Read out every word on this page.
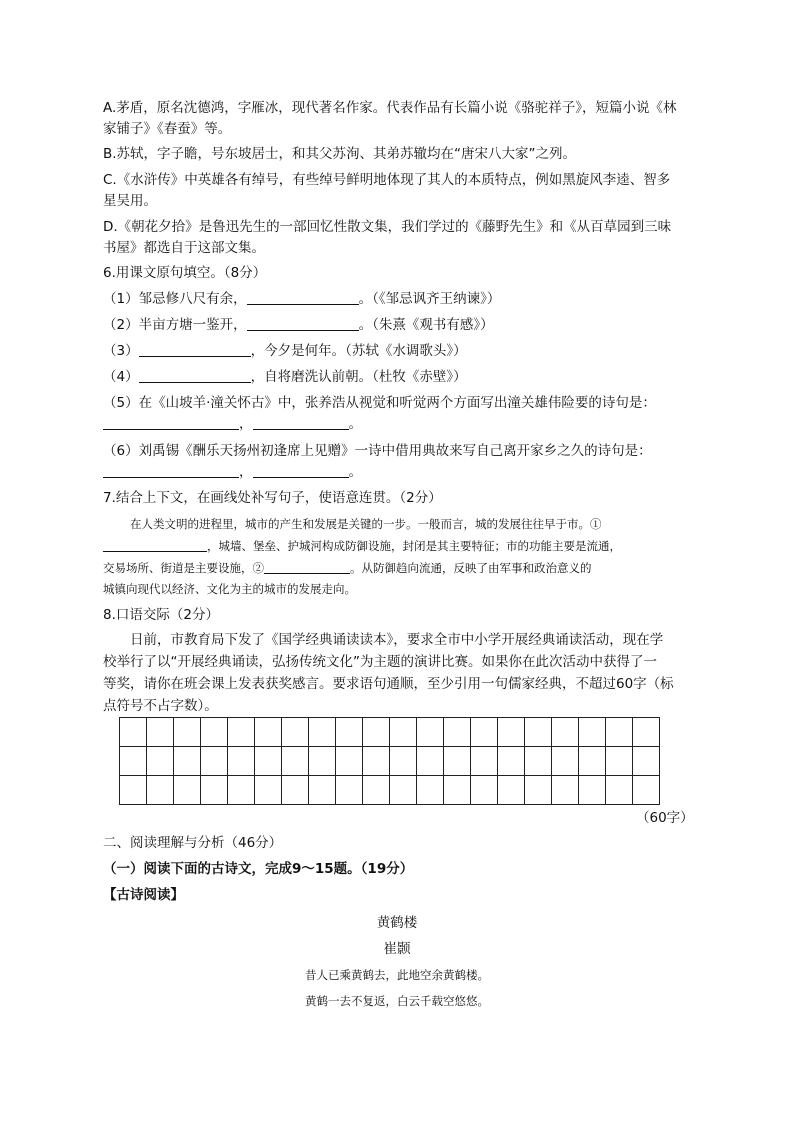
A.茅盾，原名沈德鸿，字雁冰，现代著名作家。代表作品有长篇小说《骆驼祥子》，短篇小说《林
家铺子》《春蚕》等。
B.苏轼，字子瞻，号东坡居士，和其父苏洵、其弟苏辙均在“唐宋八大家”之列。
C.《水浒传》中英雄各有绰号，有些绰号鲜明地体现了其人的本质特点，例如黑旋风李逵、智多
星吴用。
D.《朝花夕拾》是鲁迅先生的一部回忆性散文集，我们学过的《藤野先生》和《从百草园到三味
书屋》都选自于这部文集。
6.用课文原句填空。（8分）
（1）邹忌修八尺有余，	。（《邹忌讽齐王纳谏》）
（2）半亩方塘一鉴开，	。（朱熹《观书有感》）
（3）	，今夕是何年。（苏轼《水调歌头》）
（4）	，自将磨洗认前朝。（杜牧《赤壁》）
（5）在《山坡羊·潼关怀古》中，张养浩从视觉和听觉两个方面写出潼关雄伟险要的诗句是：
，	。
（6）刘禹锡《酬乐天扬州初逢席上见赠》一诗中借用典故来写自己离开家乡之久的诗句是：
，	。
7.结合上下文，在画线处补写句子，使语意连贯。（2分）
在人类文明的进程里，城市的产生和发展是关键的一步。一般而言，城的发展往往早于市。①
，城墙、堡垒、护城河构成防御设施，封闭是其主要特征；市的功能主要是流通，
交易场所、街道是主要设施，②	。从防御趋向流通，反映了由军事和政治意义的
城镇向现代以经济、文化为主的城市的发展走向。
8.口语交际（2分）
日前，市教育局下发了《国学经典诵读读本》，要求全市中小学开展经典诵读活动，现在学
校举行了以“开展经典诵读，弘扬传统文化”为主题的演讲比赛。如果你在此次活动中获得了一
等奖，请你在班会课上发表获奖感言。要求语句通顺，至少引用一句儒家经典，不超过60字（标
点符号不占字数）。

（60字）
二、阅读理解与分析（46分）
（一）阅读下面的古诗文，完成9～15题。（19分）
【古诗阅读】
黄鹤楼
崔颢
昔人已乘黄鹤去，此地空余黄鹤楼。
黄鹤一去不复返，白云千载空悠悠。
